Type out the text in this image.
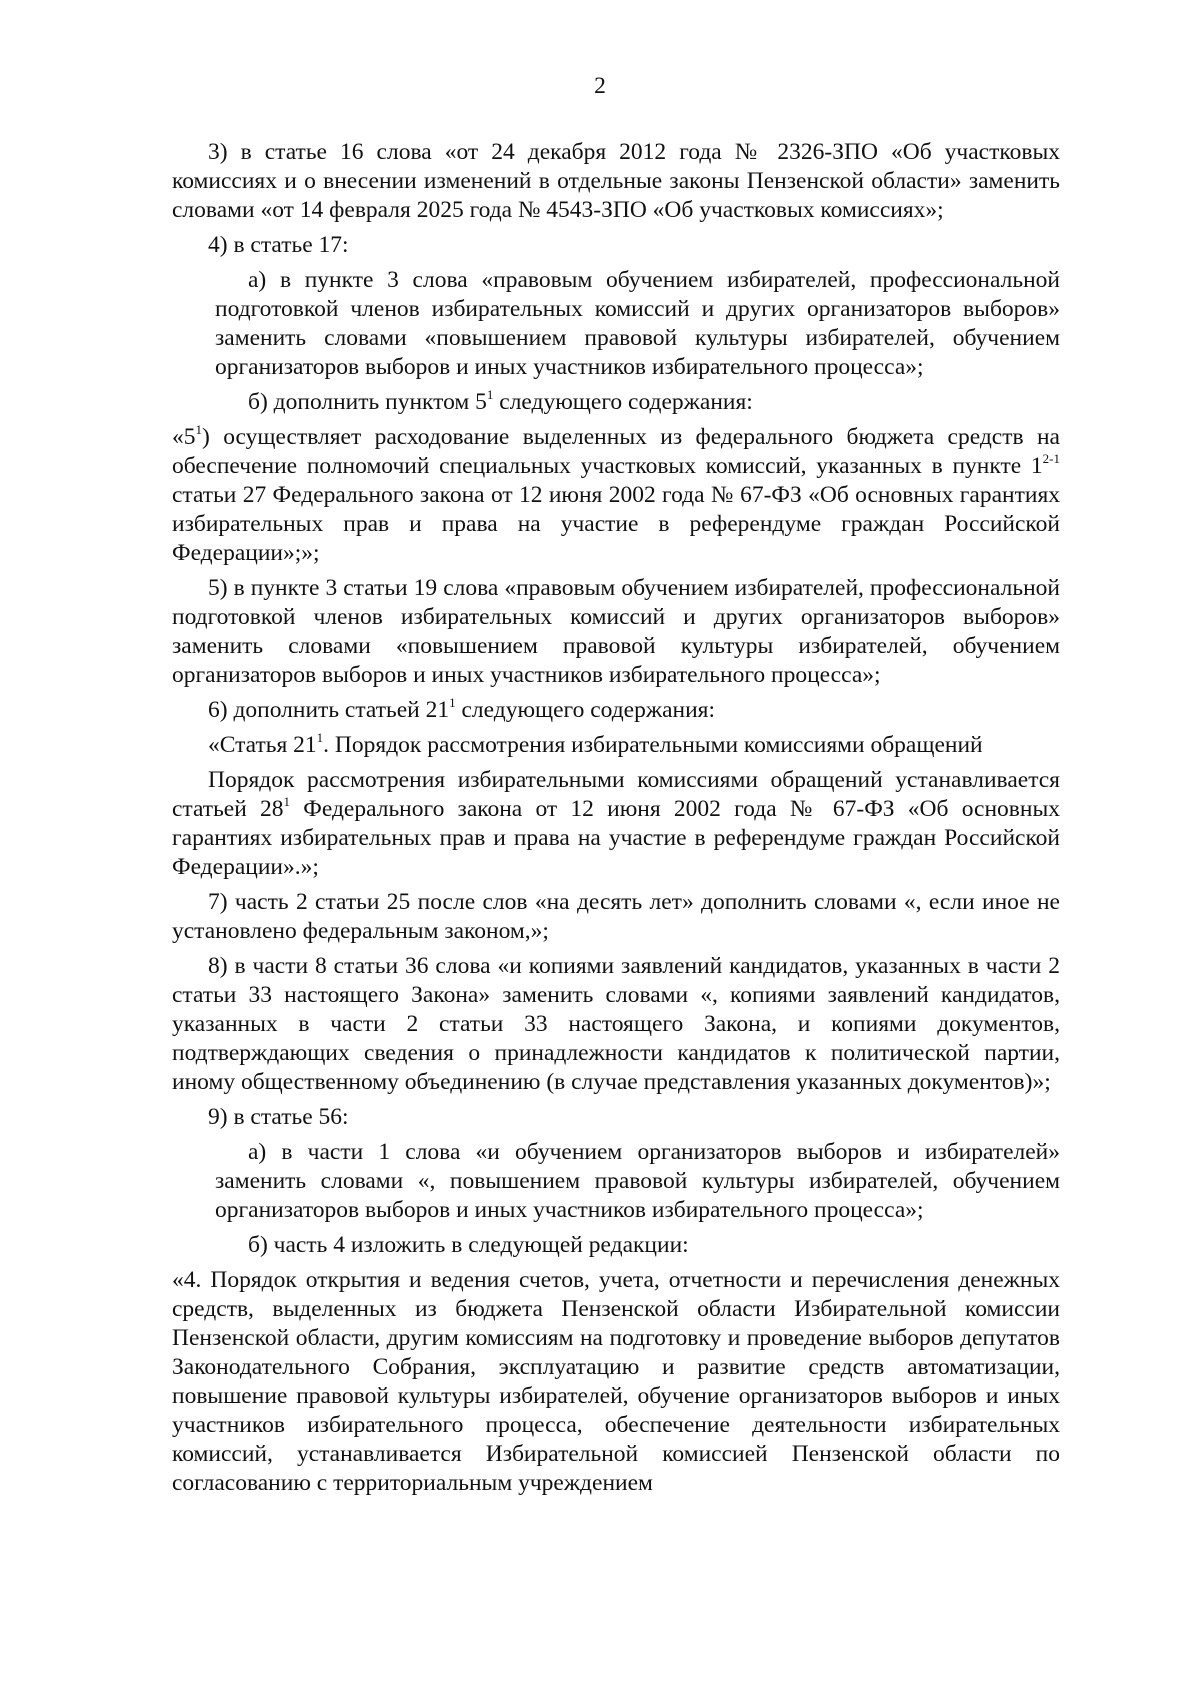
2

3) в статье 16 слова «от 24 декабря 2012 года № 2326-ЗПО «Об участковых комиссиях и о внесении изменений в отдельные законы Пензенской области» заменить словами «от 14 февраля 2025 года № 4543-ЗПО «Об участковых комиссиях»;

4) в статье 17:

а) в пункте 3 слова «правовым обучением избирателей, профессиональной подготовкой членов избирательных комиссий и других организаторов выборов» заменить словами «повышением правовой культуры избирателей, обучением организаторов выборов и иных участников избирательного процесса»;

б) дополнить пунктом $5^1$ следующего содержания:

«$5^1$) осуществляет расходование выделенных из федерального бюджета средств на обеспечение полномочий специальных участковых комиссий, указанных в пункте 1$^{2-1}$ статьи 27 Федерального закона от 12 июня 2002 года № 67-ФЗ «Об основных гарантиях избирательных прав и права на участие в референдуме граждан Российской Федерации»;»;

5) в пункте 3 статьи 19 слова «правовым обучением избирателей, профессиональной подготовкой членов избирательных комиссий и других организаторов выборов» заменить словами «повышением правовой культуры избирателей, обучением организаторов выборов и иных участников избирательного процесса»;

6) дополнить статьей $21^1$ следующего содержания:

«Статья $21^1$. Порядок рассмотрения избирательными комиссиями обращений

Порядок рассмотрения избирательными комиссиями обращений устанавливается статьей $28^1$ Федерального закона от 12 июня 2002 года № 67-ФЗ «Об основных гарантиях избирательных прав и права на участие в референдуме граждан Российской Федерации».»;

7) часть 2 статьи 25 после слов «на десять лет» дополнить словами «, если иное не установлено федеральным законом,»;

8) в части 8 статьи 36 слова «и копиями заявлений кандидатов, указанных в части 2 статьи 33 настоящего Закона» заменить словами «, копиями заявлений кандидатов, указанных в части 2 статьи 33 настоящего Закона, и копиями документов, подтверждающих сведения о принадлежности кандидатов к политической партии, иному общественному объединению (в случае представления указанных документов)»;

9) в статье 56:

а) в части 1 слова «и обучением организаторов выборов и избирателей» заменить словами «, повышением правовой культуры избирателей, обучением организаторов выборов и иных участников избирательного процесса»;

б) часть 4 изложить в следующей редакции:

«4. Порядок открытия и ведения счетов, учета, отчетности и перечисления денежных средств, выделенных из бюджета Пензенской области Избирательной комиссии Пензенской области, другим комиссиям на подготовку и проведение выборов депутатов Законодательного Собрания, эксплуатацию и развитие средств автоматизации, повышение правовой культуры избирателей, обучение организаторов выборов и иных участников избирательного процесса, обеспечение деятельности избирательных комиссий, устанавливается Избирательной комиссией Пензенской области по согласованию с территориальным учреждением
